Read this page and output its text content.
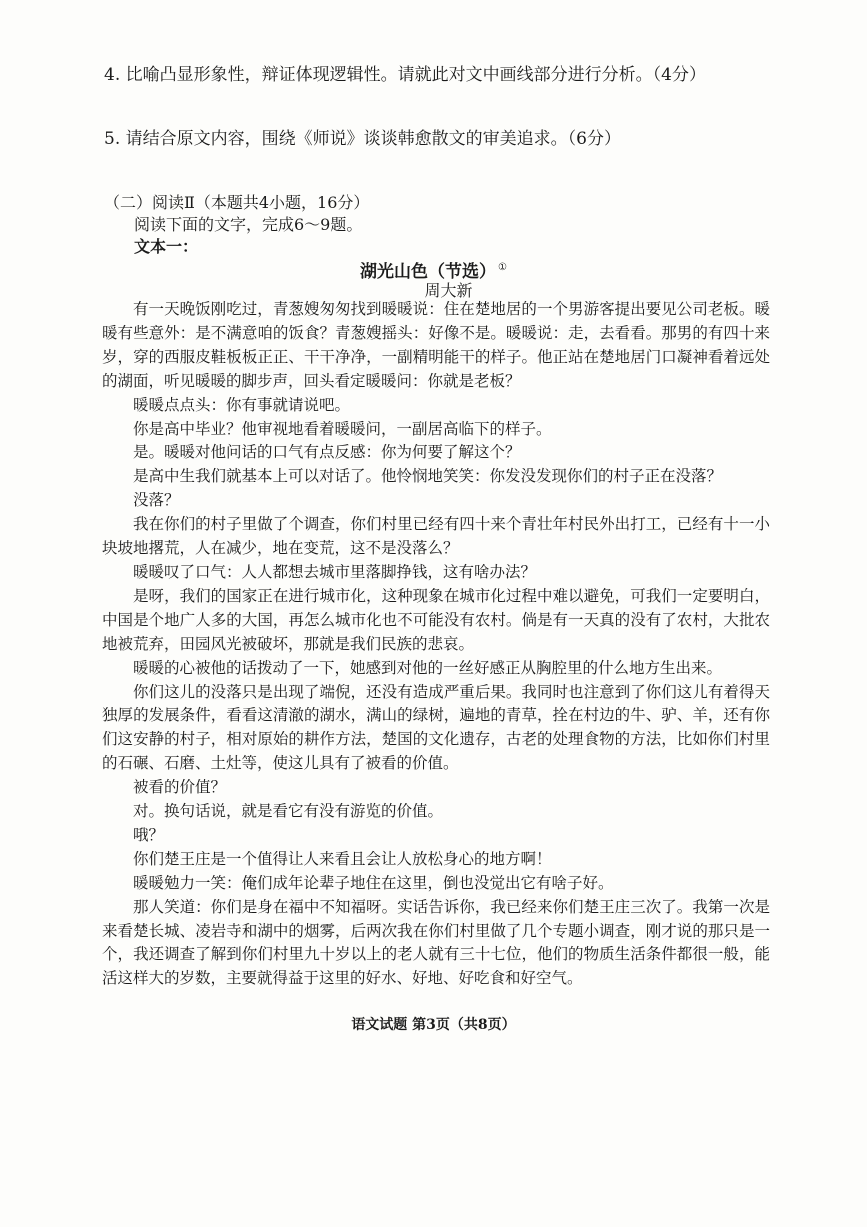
4. 比喻凸显形象性，辩证体现逻辑性。请就此对文中画线部分进行分析。（4分）
5. 请结合原文内容，围绕《师说》谈谈韩愈散文的审美追求。（6分）
（二）阅读Ⅱ（本题共4小题，16分）
阅读下面的文字，完成6～9题。
文本一：
湖光山色（节选） ①
周大新

有一天晚饭刚吃过，青葱嫂匆匆找到暖暖说：住在楚地居的一个男游客提出要见公司老板。暖暖有些意外：是不满意咱的饭食？青葱嫂摇头：好像不是。暖暖说：走，去看看。那男的有四十来岁，穿的西服皮鞋板板正正、干干净净，一副精明能干的样子。他正站在楚地居门口凝神看着远处的湖面，听见暖暖的脚步声，回头看定暖暖问：你就是老板？

暖暖点点头：你有事就请说吧。

你是高中毕业？他审视地看着暖暖问，一副居高临下的样子。

是。暖暖对他问话的口气有点反感：你为何要了解这个？

是高中生我们就基本上可以对话了。他怜悯地笑笑：你发没发现你们的村子正在没落？

没落？

我在你们的村子里做了个调查，你们村里已经有四十来个青壮年村民外出打工，已经有十一小块坡地撂荒，人在减少，地在变荒，这不是没落么？

暖暖叹了口气：人人都想去城市里落脚挣钱，这有啥办法？

是呀，我们的国家正在进行城市化，这种现象在城市化过程中难以避免，可我们一定要明白，中国是个地广人多的大国，再怎么城市化也不可能没有农村。倘是有一天真的没有了农村，大批农地被荒弃，田园风光被破坏，那就是我们民族的悲哀。

暖暖的心被他的话拨动了一下，她感到对他的一丝好感正从胸腔里的什么地方生出来。

你们这儿的没落只是出现了端倪，还没有造成严重后果。我同时也注意到了你们这儿有着得天独厚的发展条件，看看这清澈的湖水，满山的绿树，遍地的青草，拴在村边的牛、驴、羊，还有你们这安静的村子，相对原始的耕作方法，楚国的文化遗存，古老的处理食物的方法，比如你们村里的石碾、石磨、土灶等，使这儿具有了被看的价值。

被看的价值？

对。换句话说，就是看它有没有游览的价值。

哦？

你们楚王庄是一个值得让人来看且会让人放松身心的地方啊！

暖暖勉力一笑：俺们成年论辈子地住在这里，倒也没觉出它有啥子好。

那人笑道：你们是身在福中不知福呀。实话告诉你，我已经来你们楚王庄三次了。我第一次是来看楚长城、凌岩寺和湖中的烟雾，后两次我在你们村里做了几个专题小调查，刚才说的那只是一个，我还调查了解到你们村里九十岁以上的老人就有三十七位，他们的物质生活条件都很一般，能活这样大的岁数，主要就得益于这里的好水、好地、好吃食和好空气。

语文试题 第3页（共8页）
